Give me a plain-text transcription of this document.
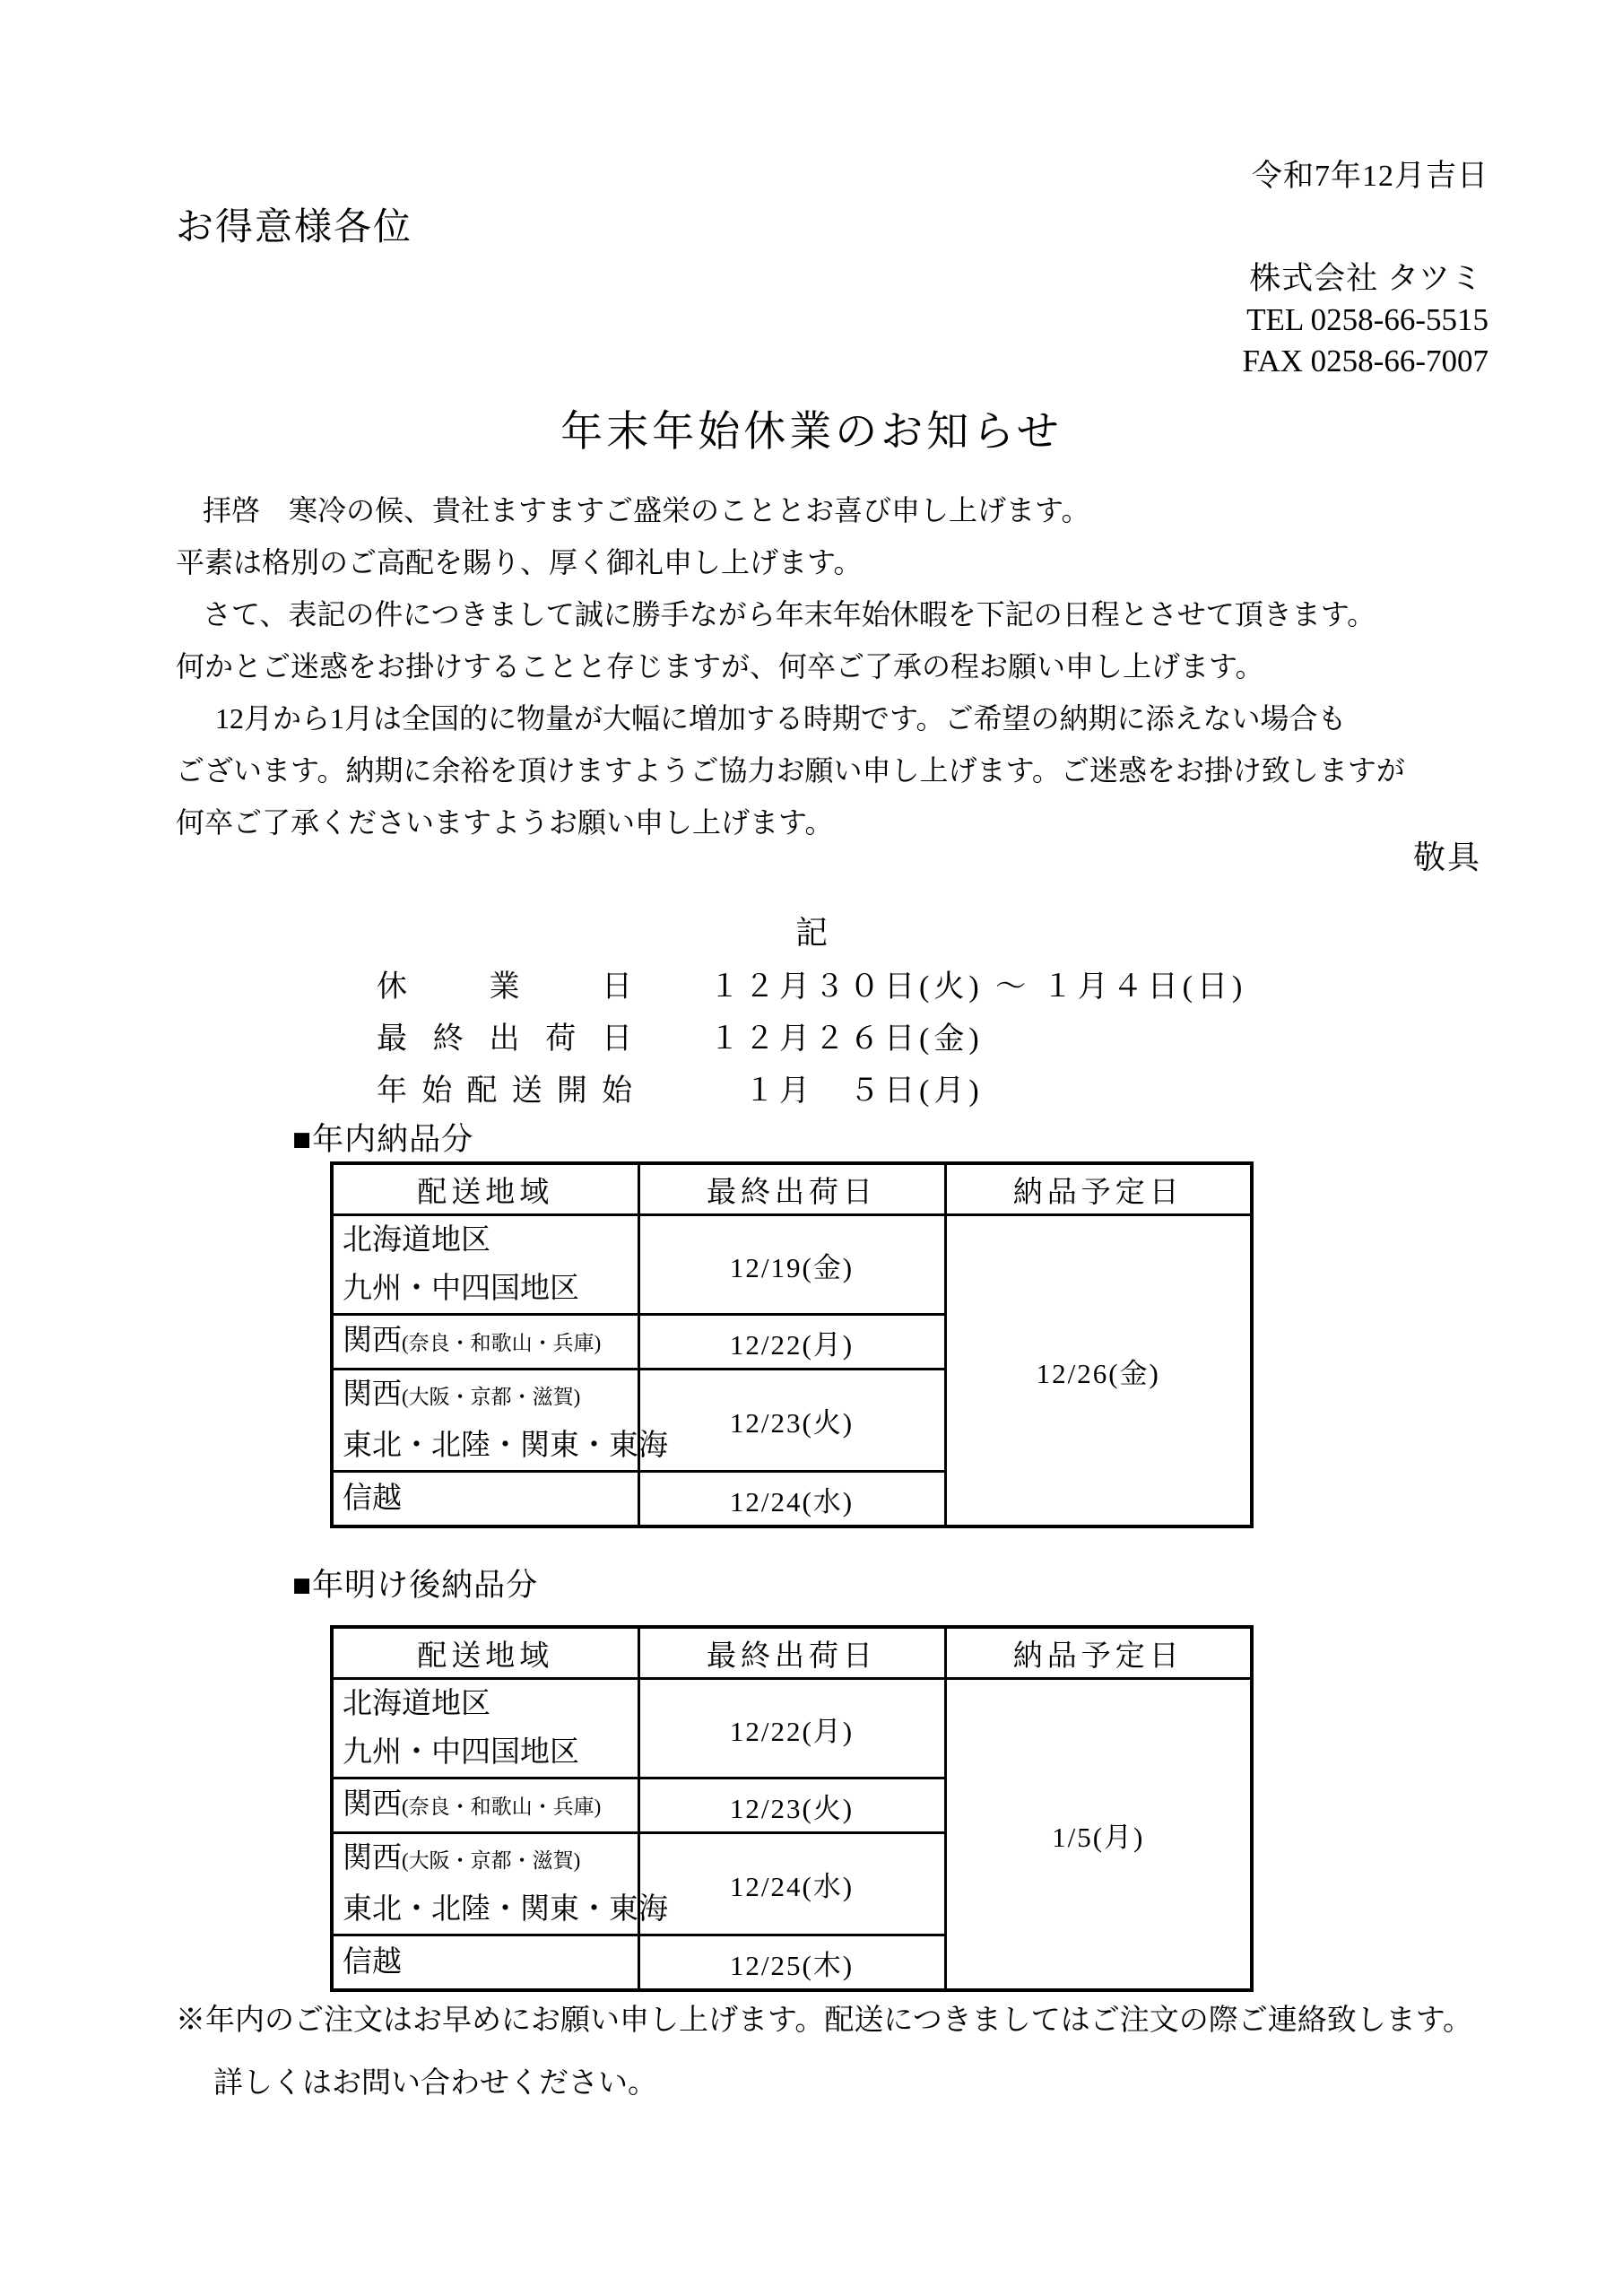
令和7年12月吉日
お得意様各位
株式会社 タツミ
TEL 0258-66-5515
FAX 0258-66-7007
年末年始休業のお知らせ

拝啓　寒冷の候、貴社ますますご盛栄のこととお喜び申し上げます。

平素は格別のご高配を賜り、厚く御礼申し上げます。

さて、表記の件につきまして誠に勝手ながら年末年始休暇を下記の日程とさせて頂きます。

何かとご迷惑をお掛けすることと存じますが、何卒ご了承の程お願い申し上げます。

12月から1月は全国的に物量が大幅に増加する時期です。ご希望の納期に添えない場合も

ございます。納期に余裕を頂けますようご協力お願い申し上げます。ご迷惑をお掛け致しますが

何卒ご了承くださいますようお願い申し上げます。

敬具
記
休業日	１２月３０日(火) ～ １月４日(日)
最終出荷日	１２月２６日(金)
年始配送開始	　１月　５日(月)
■年内納品分
配送地域	最終出荷日	納品予定日

北海道地区
九州・中四国地区	12/19(金)	12/26(金)

関西(奈良・和歌山・兵庫)	12/22(月)	

関西(大阪・京都・滋賀)
東北・北陸・関東・東海	12/23(火)	

信越	12/24(水)	
■年明け後納品分
配送地域	最終出荷日	納品予定日

北海道地区
九州・中四国地区	12/22(月)	1/5(月)

関西(奈良・和歌山・兵庫)	12/23(火)	

関西(大阪・京都・滋賀)
東北・北陸・関東・東海	12/24(水)	

信越	12/25(木)	

※年内のご注文はお早めにお願い申し上げます。配送につきましてはご注文の際ご連絡致します。

詳しくはお問い合わせください。
